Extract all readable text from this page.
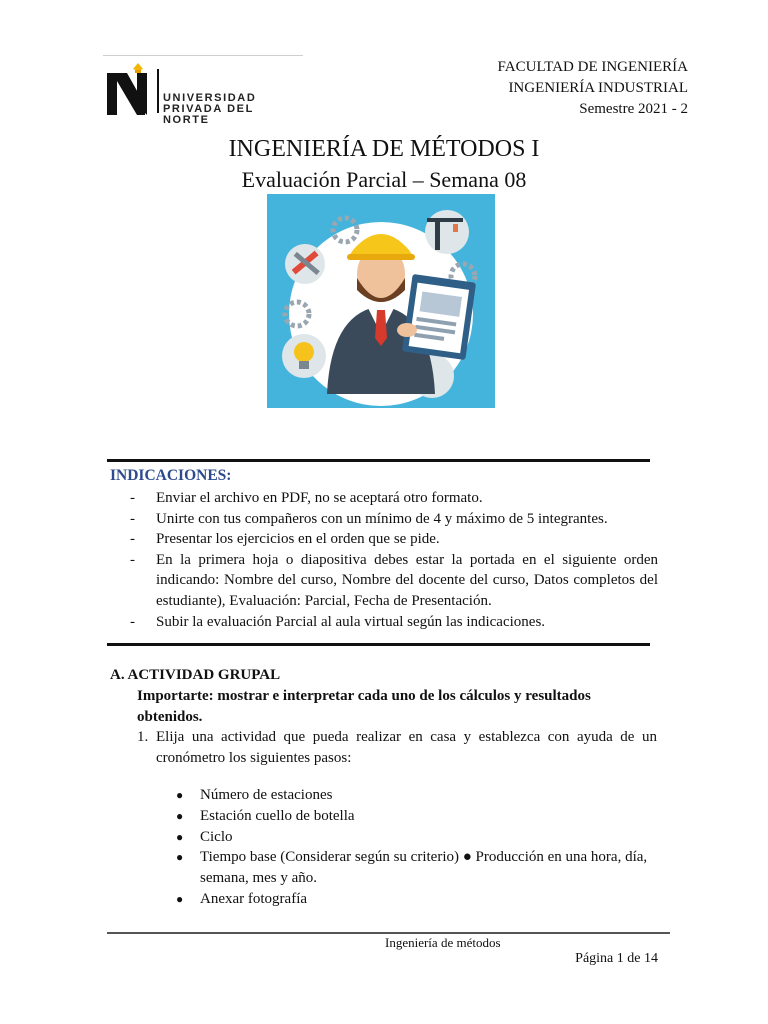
UNIVERSIDAD
PRIVADA DEL NORTE
FACULTAD DE INGENIERÍA
INGENIERÍA INDUSTRIAL
Semestre 2021 - 2
INGENIERÍA DE MÉTODOS I
Evaluación Parcial – Semana 08
INDICACIONES:
- Enviar el archivo en PDF, no se aceptará otro formato.
- Unirte con tus compañeros con un mínimo de 4 y máximo de 5 integrantes.
- Presentar los ejercicios en el orden que se pide.
- En la primera hoja o diapositiva debes estar la portada en el siguiente orden indicando: Nombre del curso, Nombre del docente del curso, Datos completos del estudiante), Evaluación: Parcial, Fecha de Presentación.
- Subir la evaluación Parcial al aula virtual según las indicaciones.
A. ACTIVIDAD GRUPAL
Importarte: mostrar e interpretar cada uno de los cálculos y resultados obtenidos.
1. Elija una actividad que pueda realizar en casa y establezca con ayuda de un cronómetro los siguientes pasos:
● Número de estaciones
● Estación cuello de botella
● Ciclo
● Tiempo base (Considerar según su criterio) ● Producción en una hora, día, semana, mes y año.
● Anexar fotografía
Ingeniería de métodos
Página 1 de 14
